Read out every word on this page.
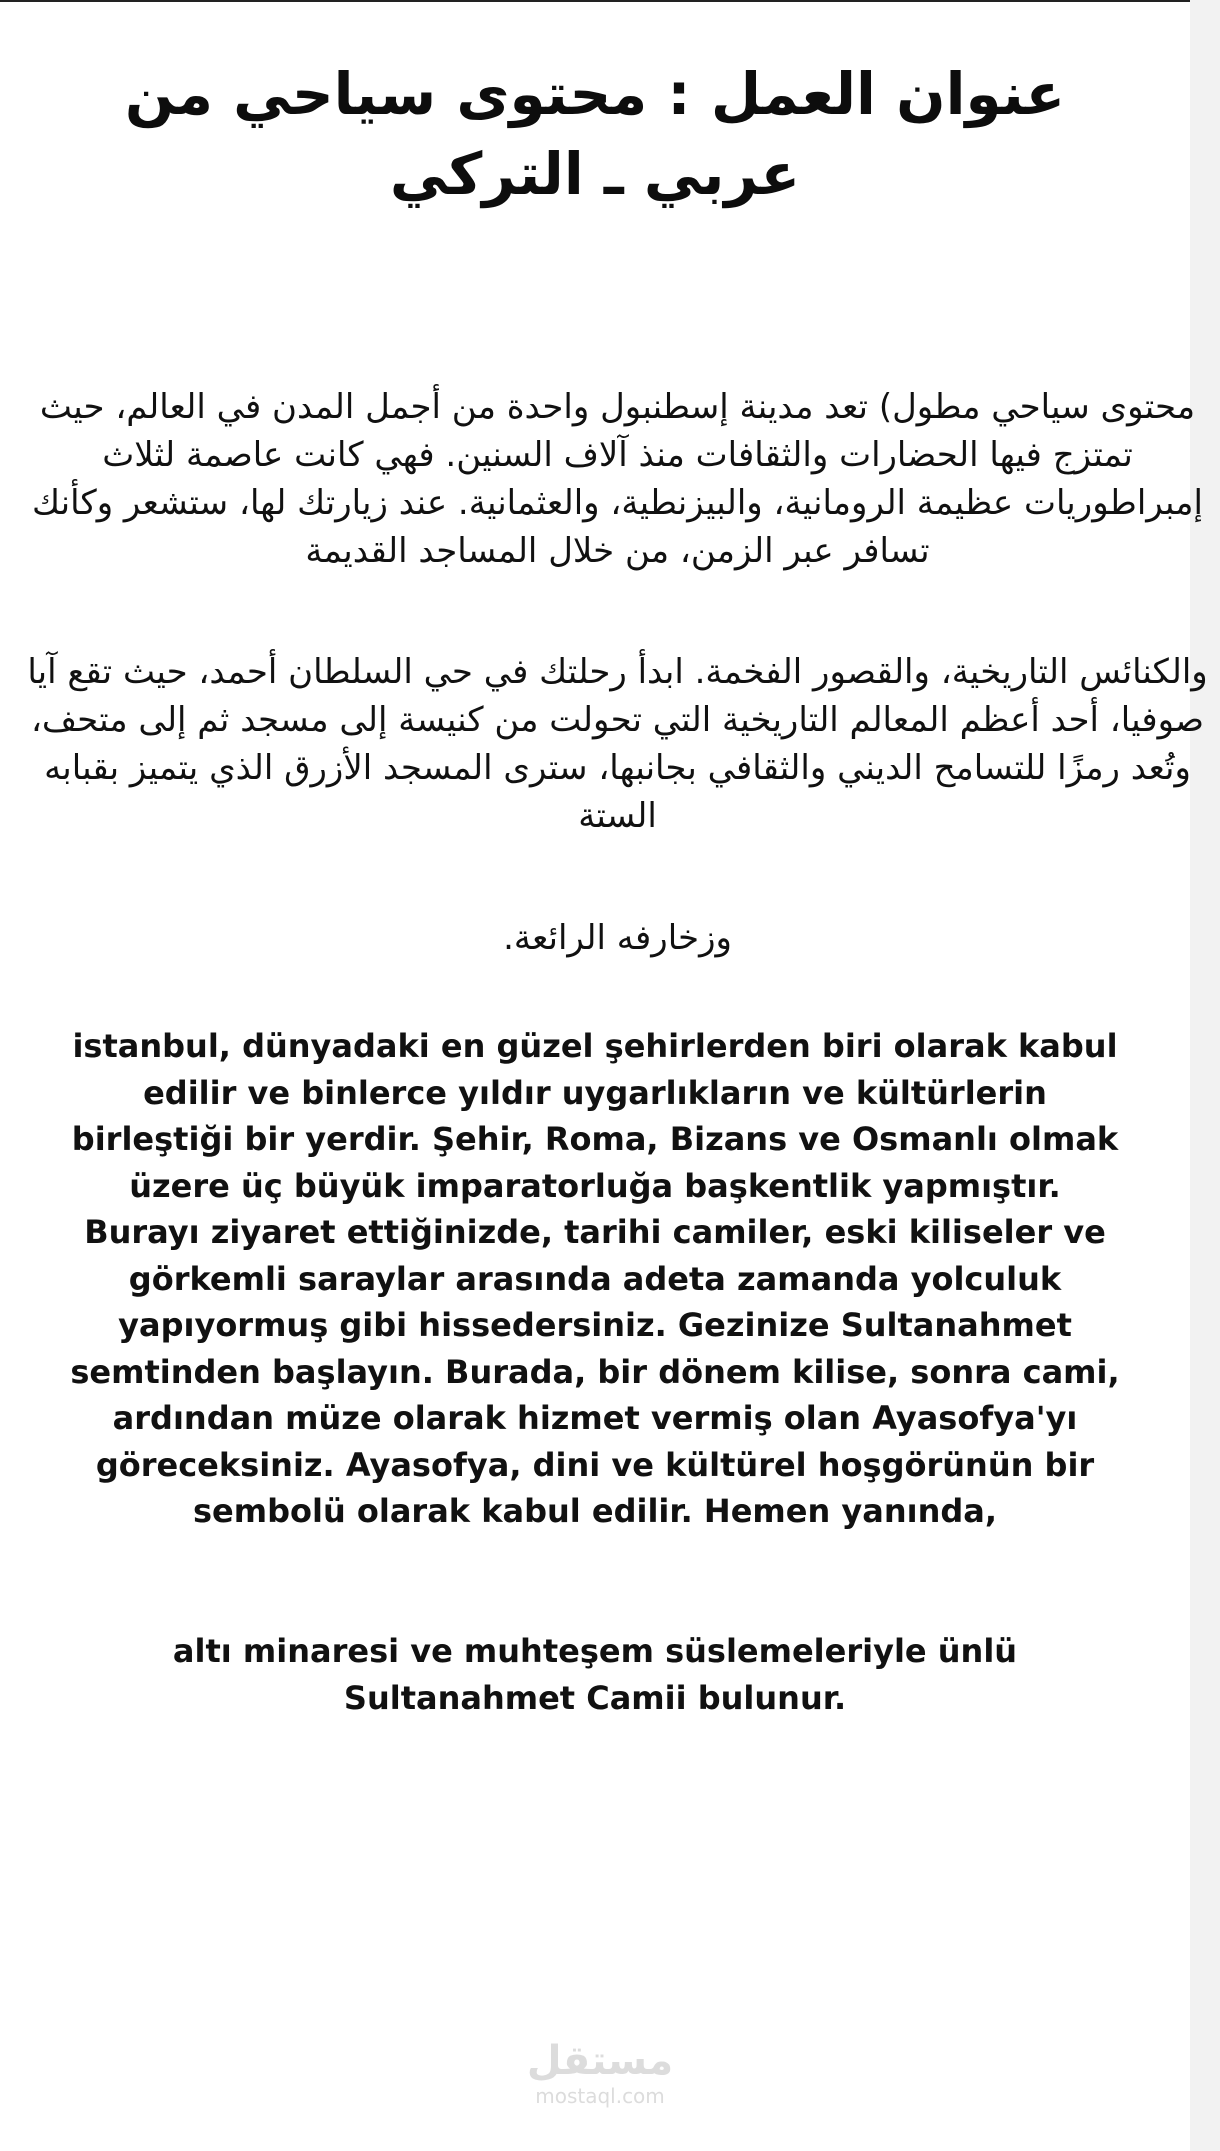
عنوان العمل : محتوى سياحي من عربي ـ التركي

محتوى سياحي مطول) تعد مدينة إسطنبول واحدة من أجمل المدن في العالم، حيث تمتزج فيها الحضارات والثقافات منذ آلاف السنين. فهي كانت عاصمة لثلاث إمبراطوريات عظيمة الرومانية، والبيزنطية، والعثمانية. عند زيارتك لها، ستشعر وكأنك تسافر عبر الزمن، من خلال المساجد القديمة

والكنائس التاريخية، والقصور الفخمة. ابدأ رحلتك في حي السلطان أحمد، حيث تقع آيا صوفيا، أحد أعظم المعالم التاريخية التي تحولت من كنيسة إلى مسجد ثم إلى متحف، وتُعد رمزًا للتسامح الديني والثقافي بجانبها، سترى المسجد الأزرق الذي يتميز بقبابه الستة

وزخارفه الرائعة.

istanbul, dünyadaki en güzel şehirlerden biri olarak kabul edilir ve binlerce yıldır uygarlıkların ve kültürlerin birleştiği bir yerdir. Şehir, Roma, Bizans ve Osmanlı olmak üzere üç büyük imparatorluğa başkentlik yapmıştır. Burayı ziyaret ettiğinizde, tarihi camiler, eski kiliseler ve görkemli saraylar arasında adeta zamanda yolculuk yapıyormuş gibi hissedersiniz. Gezinize Sultanahmet semtinden başlayın. Burada, bir dönem kilise, sonra cami, ardından müze olarak hizmet vermiş olan Ayasofya'yı göreceksiniz. Ayasofya, dini ve kültürel hoşgörünün bir sembolü olarak kabul edilir. Hemen yanında,

altı minaresi ve muhteşem süslemeleriyle ünlü Sultanahmet Camii bulunur.

مستقل
mostaql.com
